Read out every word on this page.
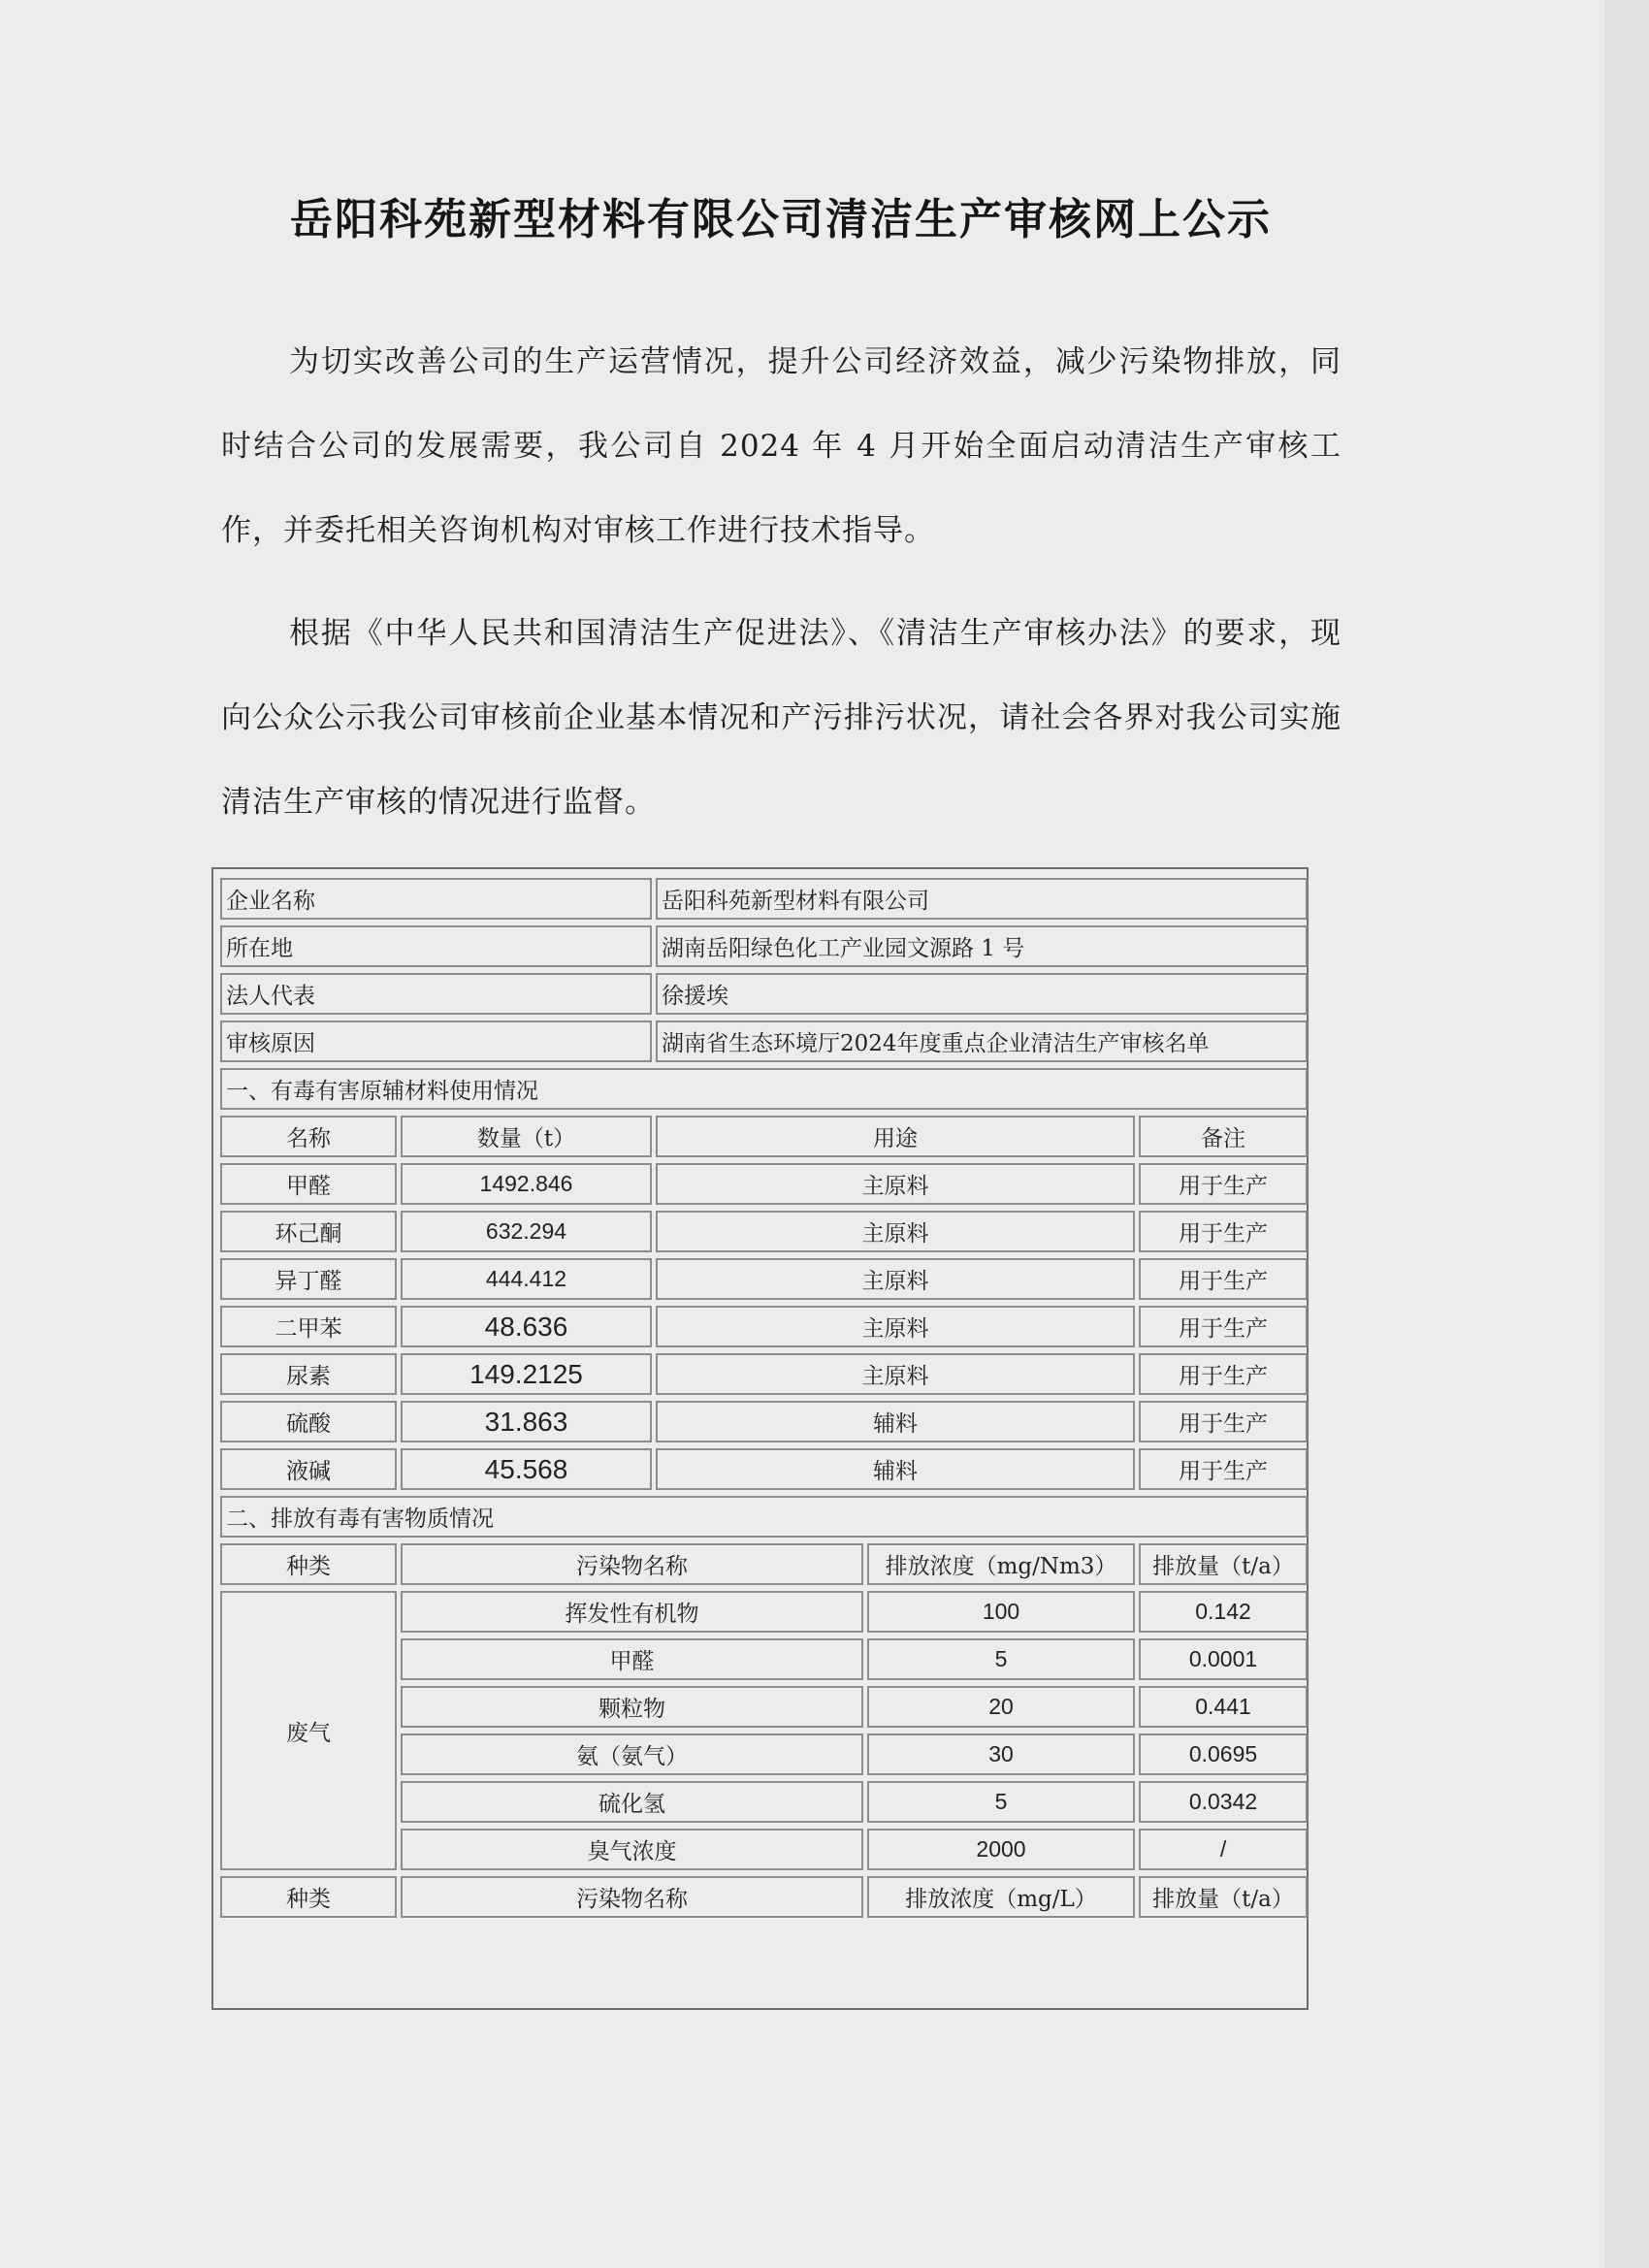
岳阳科苑新型材料有限公司清洁生产审核网上公示
为切实改善公司的生产运营情况，提升公司经济效益，减少污染物排放，同时结合公司的发展需要，我公司自 2024 年 4 月开始全面启动清洁生产审核工作，并委托相关咨询机构对审核工作进行技术指导。
根据《中华人民共和国清洁生产促进法》、《清洁生产审核办法》的要求，现向公众公示我公司审核前企业基本情况和产污排污状况，请社会各界对我公司实施清洁生产审核的情况进行监督。
企业名称		岳阳科苑新型材料有限公司		
所在地		湖南岳阳绿色化工产业园文源路 1 号		
法人代表		徐援埃		
审核原因		湖南省生态环境厅2024年度重点企业清洁生产审核名单		
一、有毒有害原辅材料使用情况				
名称	数量（t）	用途		备注
甲醛	1492.846	主原料		用于生产
环己酮	632.294	主原料		用于生产
异丁醛	444.412	主原料		用于生产
二甲苯	48.636	主原料		用于生产
尿素	149.2125	主原料		用于生产
硫酸	31.863	辅料		用于生产
液碱	45.568	辅料		用于生产
二、排放有毒有害物质情况				
种类	污染物名称		排放浓度（mg/Nm3）	排放量（t/a）
废气	挥发性有机物		100	0.142
	甲醛		5	0.0001
	颗粒物		20	0.441
	氨（氨气）		30	0.0695
	硫化氢		5	0.0342
	臭气浓度		2000	/
种类	污染物名称		排放浓度（mg/L）	排放量（t/a）
